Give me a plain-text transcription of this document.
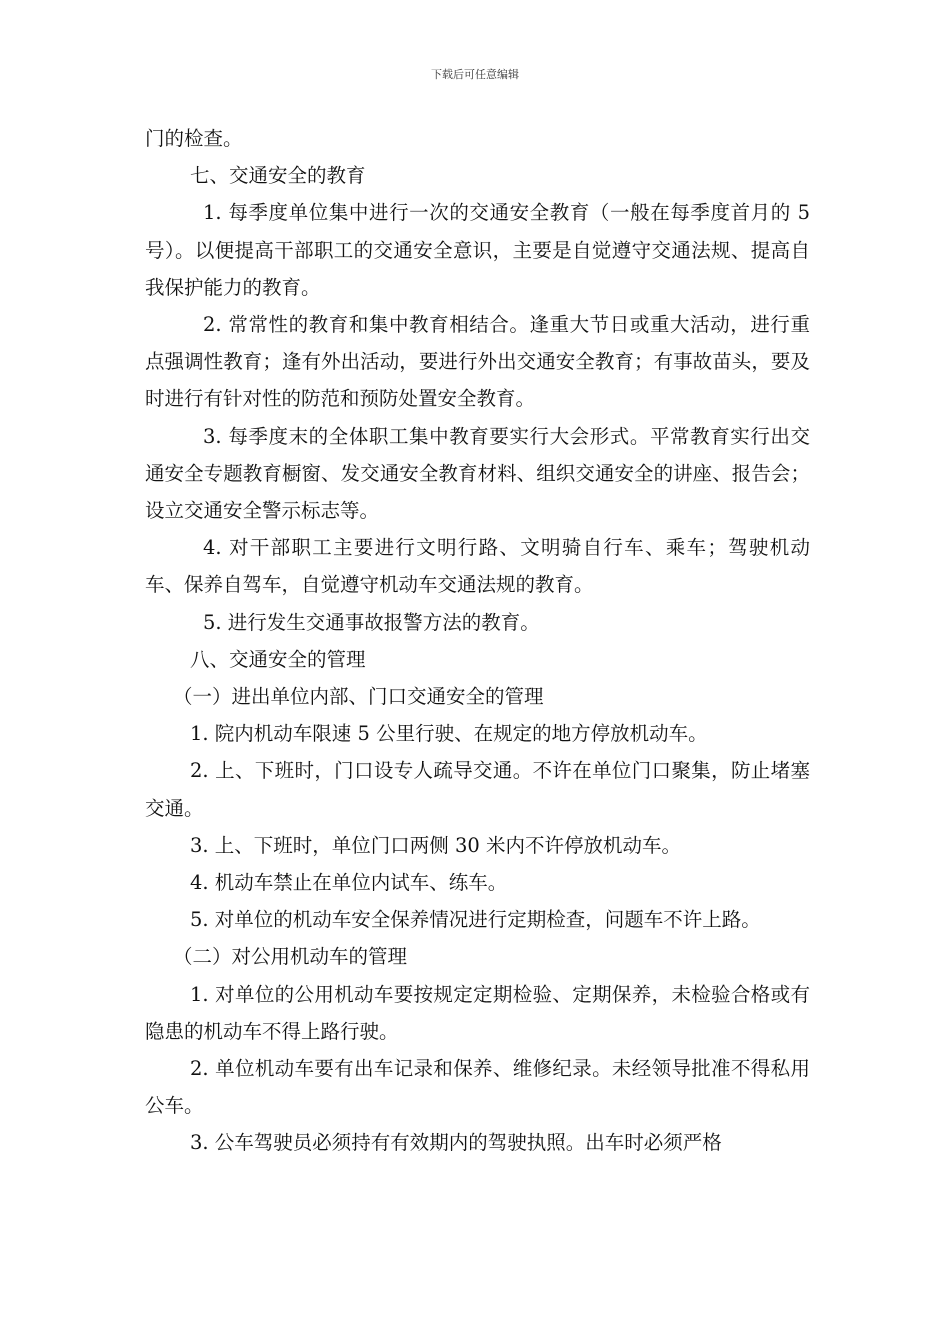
下载后可任意编辑

门的检查。

七、交通安全的教育

1. 每季度单位集中进行一次的交通安全教育（一般在每季度首月的 5 号）。以便提高干部职工的交通安全意识，主要是自觉遵守交通法规、提高自我保护能力的教育。

2. 常常性的教育和集中教育相结合。逢重大节日或重大活动，进行重点强调性教育；逢有外出活动，要进行外出交通安全教育；有事故苗头，要及时进行有针对性的防范和预防处置安全教育。

3. 每季度末的全体职工集中教育要实行大会形式。平常教育实行出交通安全专题教育橱窗、发交通安全教育材料、组织交通安全的讲座、报告会；设立交通安全警示标志等。

4. 对干部职工主要进行文明行路、文明骑自行车、乘车；驾驶机动车、保养自驾车，自觉遵守机动车交通法规的教育。

5. 进行发生交通事故报警方法的教育。

八、交通安全的管理

（一）进出单位内部、门口交通安全的管理

1. 院内机动车限速 5 公里行驶、在规定的地方停放机动车。

2. 上、下班时，门口设专人疏导交通。不许在单位门口聚集，防止堵塞交通。

3. 上、下班时，单位门口两侧 30 米内不许停放机动车。

4. 机动车禁止在单位内试车、练车。

5. 对单位的机动车安全保养情况进行定期检查，问题车不许上路。

（二）对公用机动车的管理

1. 对单位的公用机动车要按规定定期检验、定期保养，未检验合格或有隐患的机动车不得上路行驶。

2. 单位机动车要有出车记录和保养、维修纪录。未经领导批准不得私用公车。

3. 公车驾驶员必须持有有效期内的驾驶执照。出车时必须严格
